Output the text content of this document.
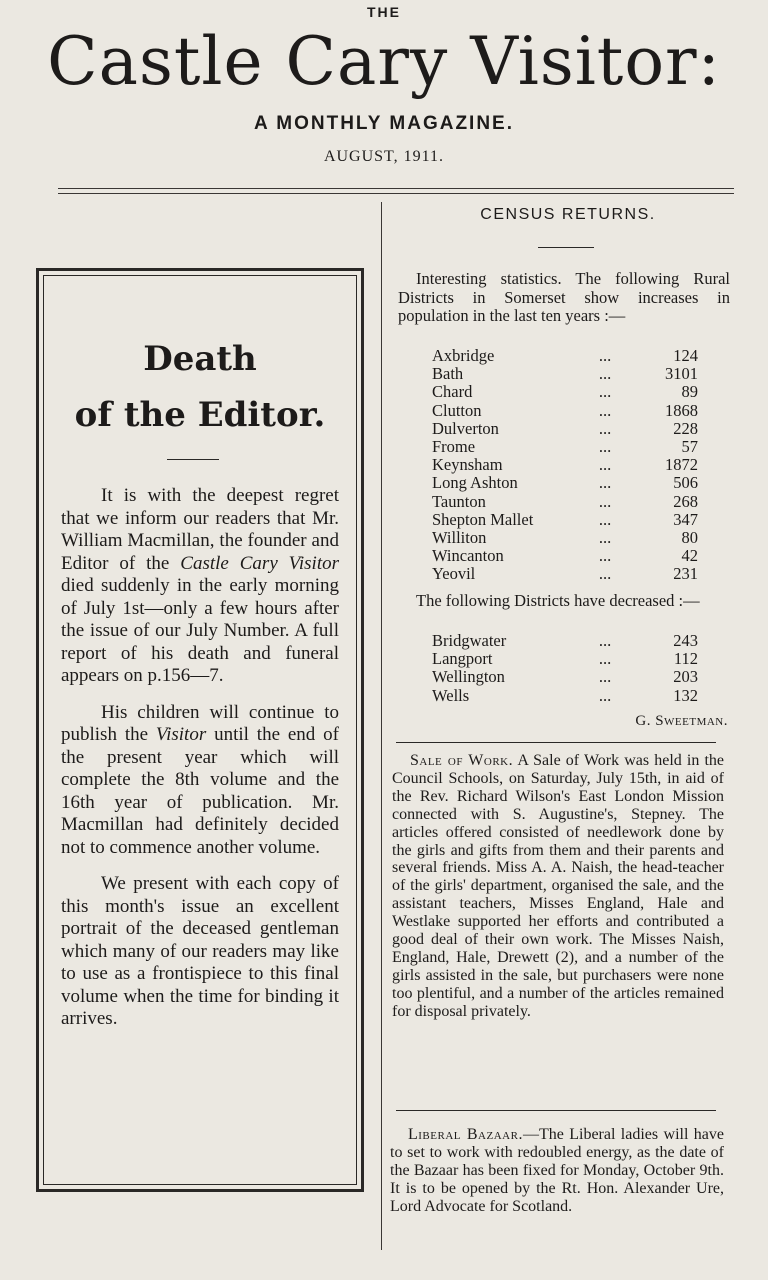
THE
Castle Cary Visitor:
A MONTHLY MAGAZINE.
AUGUST, 1911.
Death
of the Editor.

It is with the deepest regret that we inform our readers that Mr. William Macmillan, the founder and Editor of the Castle Cary Visitor died suddenly in the early morning of July 1st—only a few hours after the issue of our July Number. A full report of his death and funeral appears on p.156—7.

His children will continue to publish the Visitor until the end of the present year which will complete the 8th volume and the 16th year of publication. Mr. Macmillan had definitely decided not to commence another volume.

We present with each copy of this month's issue an excellent portrait of the deceased gentleman which many of our readers may like to use as a frontispiece to this final volume when the time for binding it arrives.

CENSUS RETURNS.

Interesting statistics. The following Rural Districts in Somerset show increases in population in the last ten years :—

Axbridge	...	124
Bath	...	3101
Chard	...	89
Clutton	...	1868
Dulverton	...	228
Frome	...	57
Keynsham	...	1872
Long Ashton	...	506
Taunton	...	268
Shepton Mallet	...	347
Williton	...	80
Wincanton	...	42
Yeovil	...	231

The following Districts have decreased :—

Bridgwater	...	243
Langport	...	112
Wellington	...	203
Wells	...	132
G. Sweetman.

Sale of Work. A Sale of Work was held in the Council Schools, on Saturday, July 15th, in aid of the Rev. Richard Wilson's East London Mission connected with S. Augustine's, Stepney. The articles offered consisted of needlework done by the girls and gifts from them and their parents and several friends. Miss A. A. Naish, the head-teacher of the girls' department, organised the sale, and the assistant teachers, Misses England, Hale and Westlake supported her efforts and contributed a good deal of their own work. The Misses Naish, England, Hale, Drewett (2), and a number of the girls assisted in the sale, but purchasers were none too plentiful, and a number of the articles remained for disposal privately.

Liberal Bazaar.—The Liberal ladies will have to set to work with redoubled energy, as the date of the Bazaar has been fixed for Monday, October 9th. It is to be opened by the Rt. Hon. Alexander Ure, Lord Advocate for Scotland.
